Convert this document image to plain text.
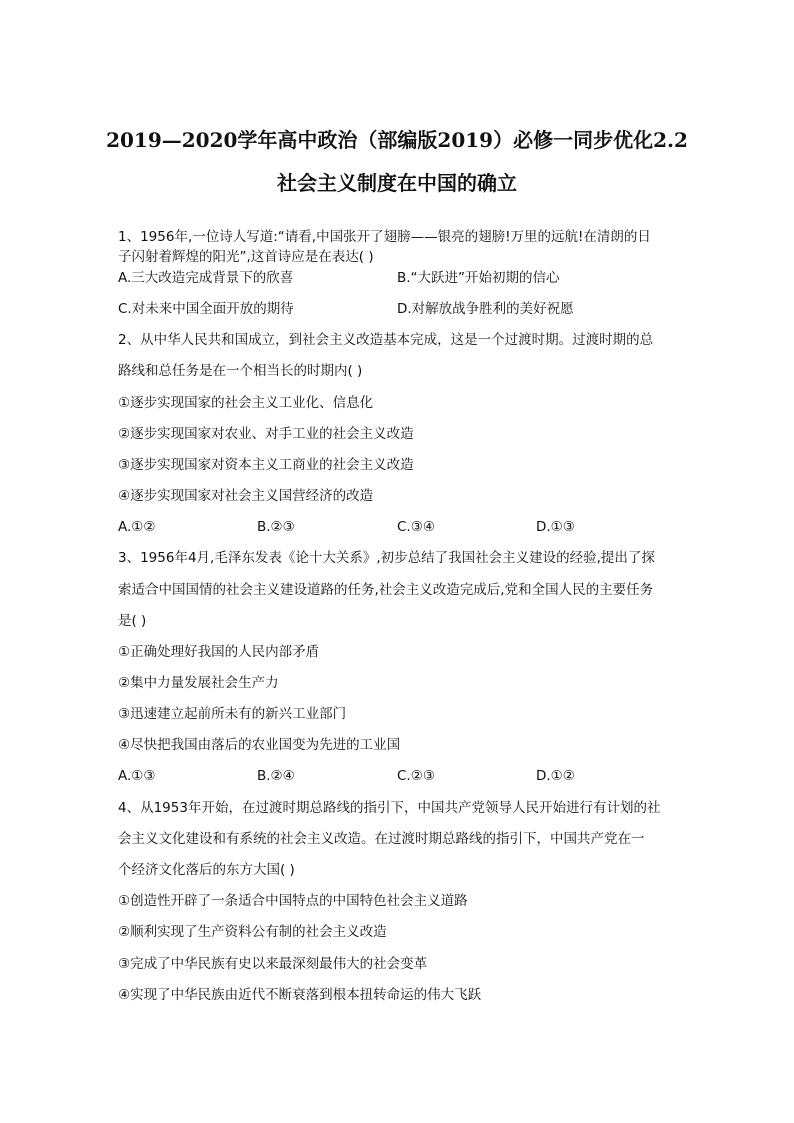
2019—2020学年高中政治（部编版2019）必修一同步优化2.2
社会主义制度在中国的确立
1、1956年,一位诗人写道:“请看,中国张开了翅膀——银亮的翅膀!万里的远航!在清朗的日
子闪射着辉煌的阳光”,这首诗应是在表达( )
A.三大改造完成背景下的欣喜	B.“大跃进”开始初期的信心
C.对未来中国全面开放的期待	D.对解放战争胜利的美好祝愿
2、从中华人民共和国成立，到社会主义改造基本完成，这是一个过渡时期。过渡时期的总
路线和总任务是在一个相当长的时期内( )
①逐步实现国家的社会主义工业化、信息化
②逐步实现国家对农业、对手工业的社会主义改造
③逐步实现国家对资本主义工商业的社会主义改造
④逐步实现国家对社会主义国营经济的改造
A.①②	B.②③	C.③④	D.①③
3、1956年4月,毛泽东发表《论十大关系》,初步总结了我国社会主义建设的经验,提出了探
索适合中国国情的社会主义建设道路的任务,社会主义改造完成后,党和全国人民的主要任务
是( )
①正确处理好我国的人民内部矛盾
②集中力量发展社会生产力
③迅速建立起前所未有的新兴工业部门
④尽快把我国由落后的农业国变为先进的工业国
A.①③	B.②④	C.②③	D.①②
4、从1953年开始，在过渡时期总路线的指引下，中国共产党领导人民开始进行有计划的社
会主义文化建设和有系统的社会主义改造。在过渡时期总路线的指引下，中国共产党在一
个经济文化落后的东方大国( )
①创造性开辟了一条适合中国特点的中国特色社会主义道路
②顺利实现了生产资料公有制的社会主义改造
③完成了中华民族有史以来最深刻最伟大的社会变革
④实现了中华民族由近代不断衰落到根本扭转命运的伟大飞跃
